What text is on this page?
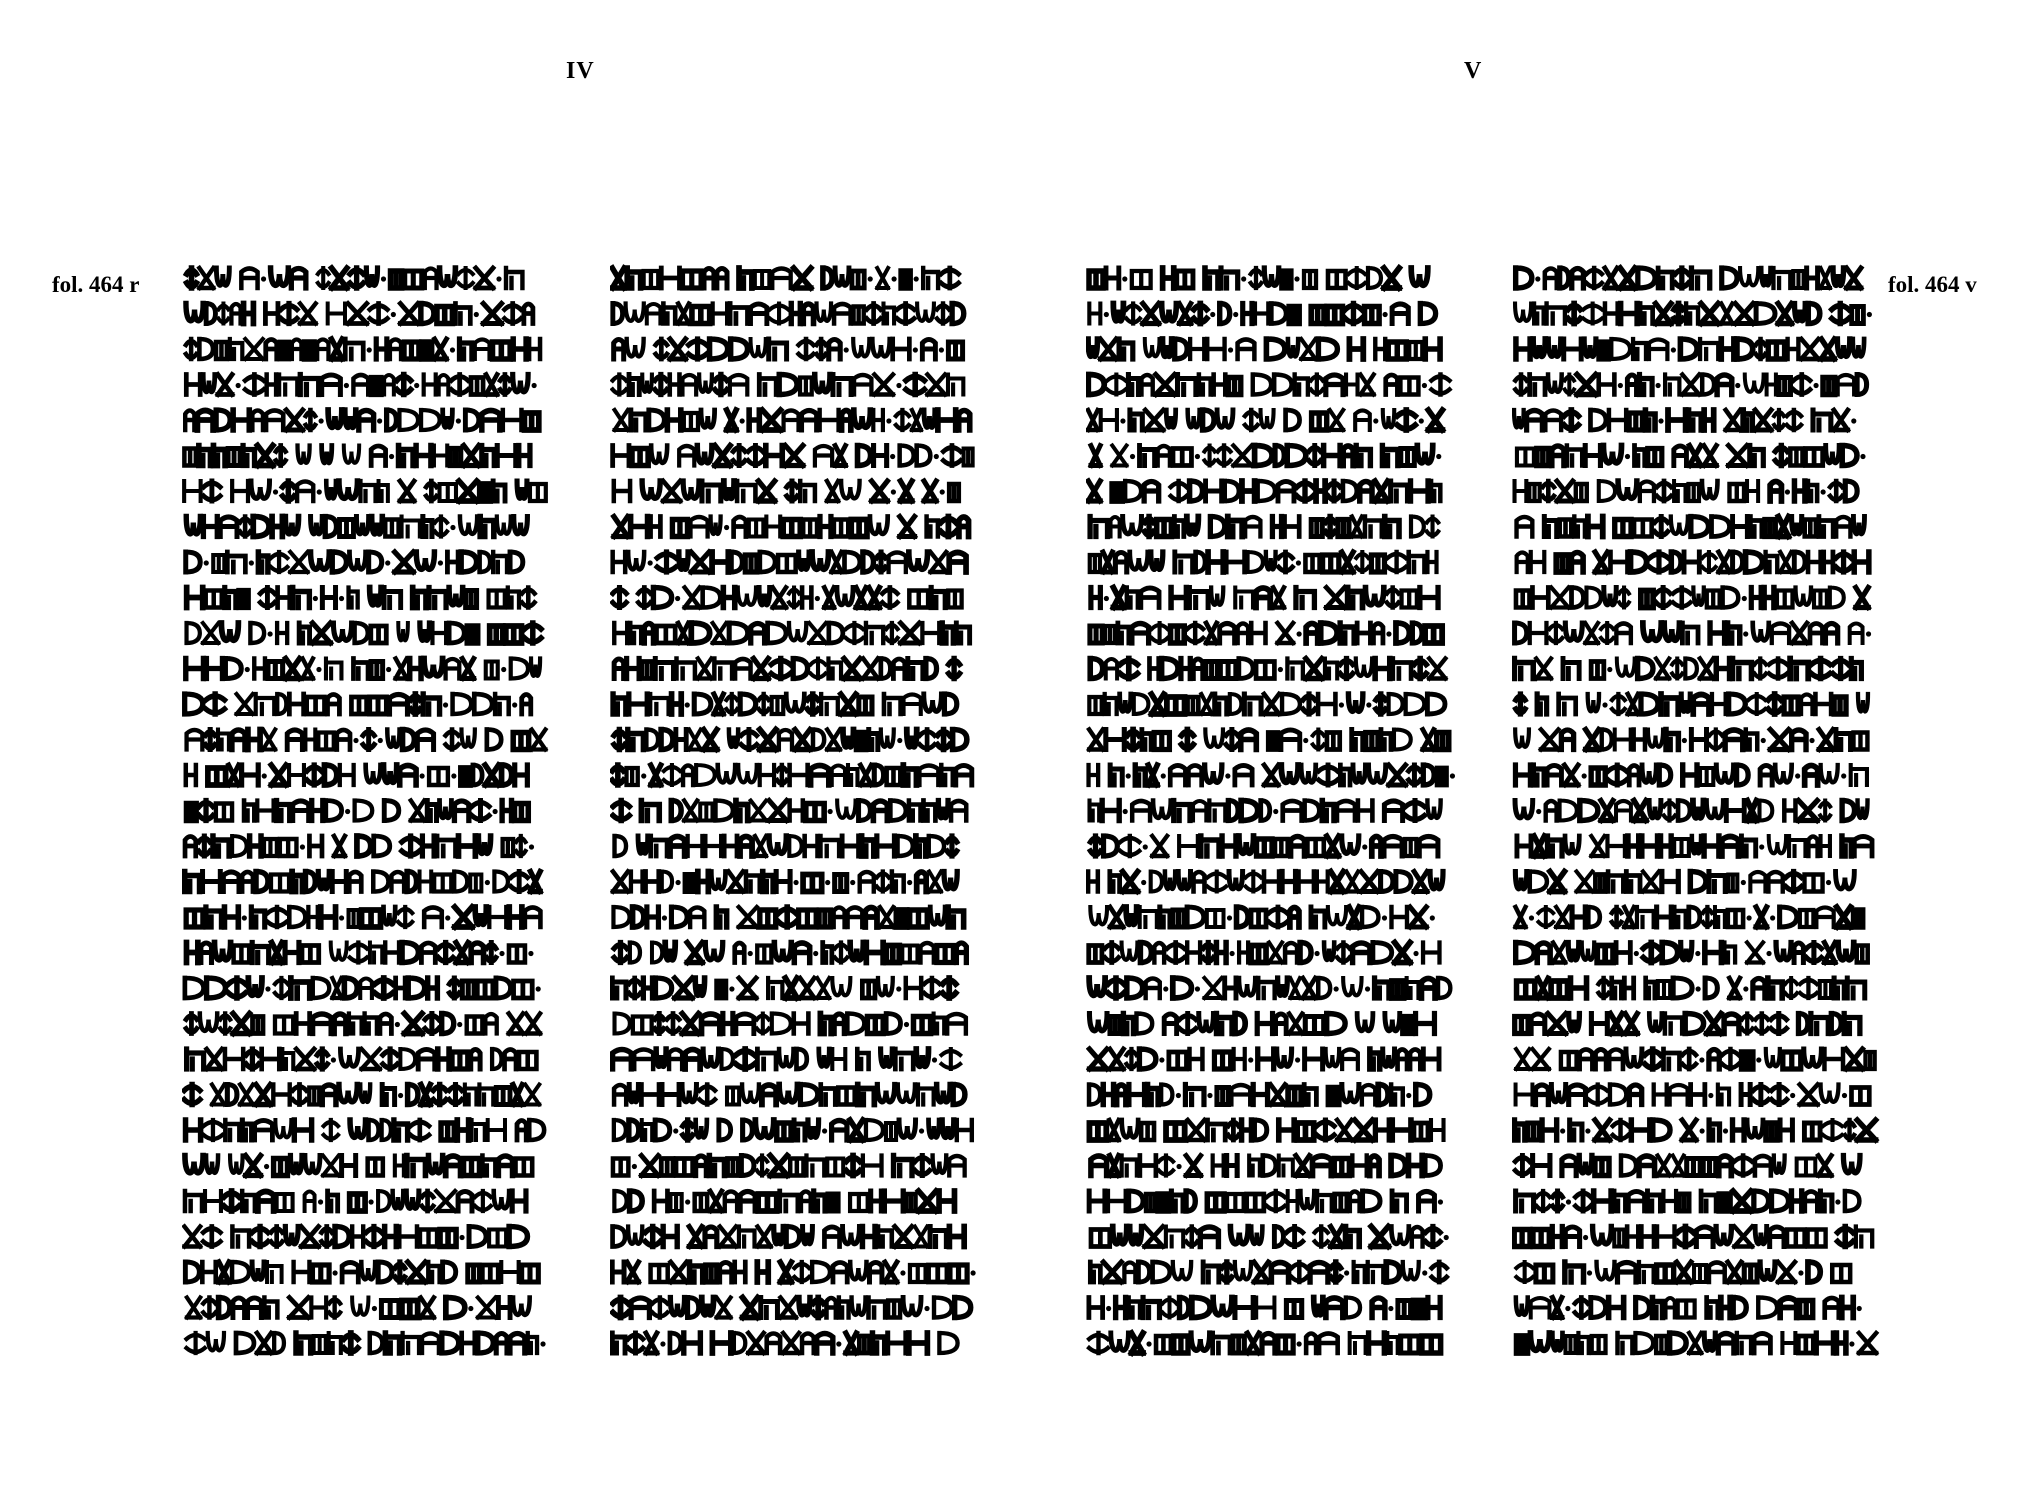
IV
fol. 464 r
V
fol. 464 v
